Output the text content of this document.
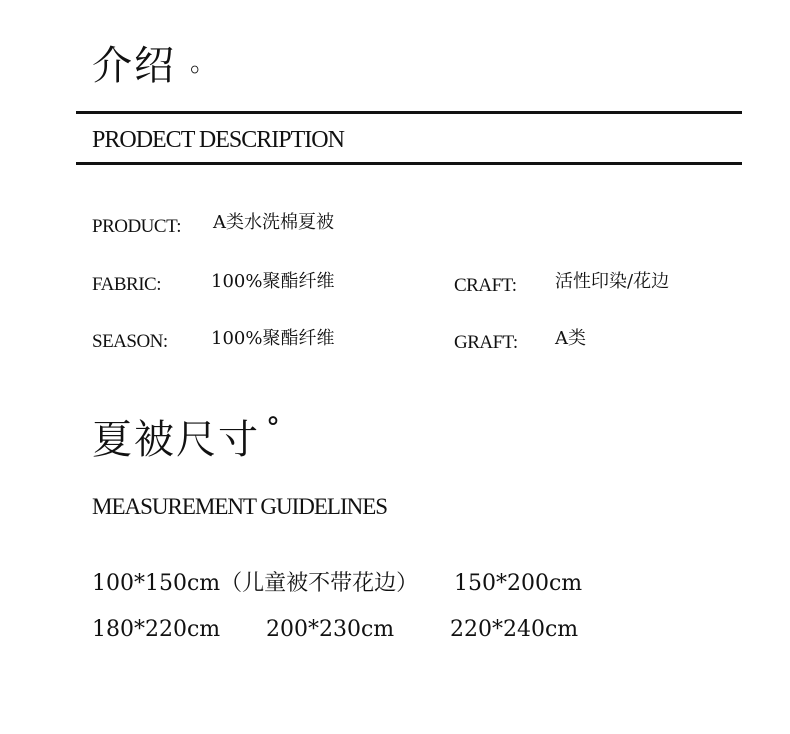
介绍 。
PRODECT DESCRIPTION
PRODUCT: A类水洗棉夏被
FABRIC:	100%聚酯纤维	CRAFT: 活性印染/花边
SEASON: 100%聚酯纤维	GRAFT: A类
夏被尺寸 °
MEASUREMENT GUIDELINES
100*150cm（儿童被不带花边） 150*200cm
180*220cm 200*230cm	220*240cm
